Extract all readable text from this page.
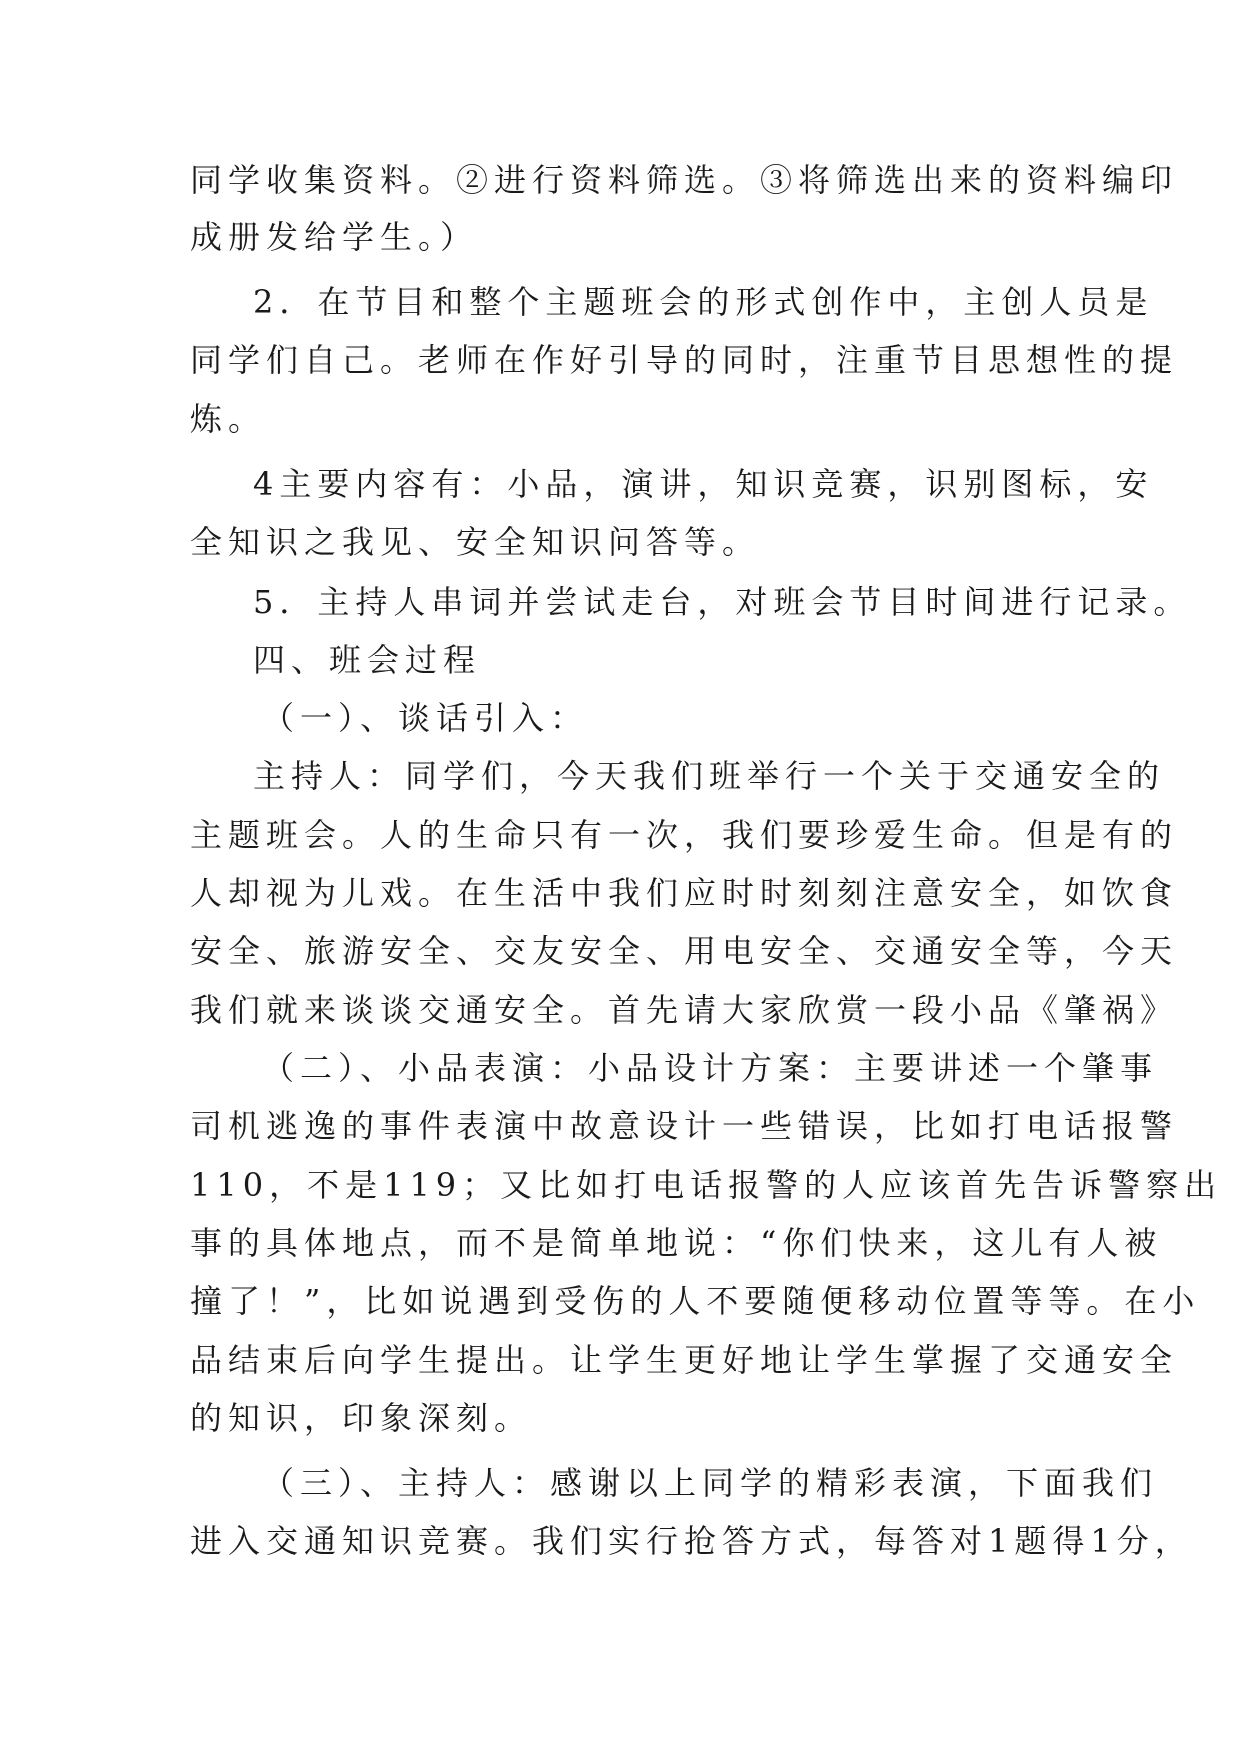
同学收集资料。②进行资料筛选。③将筛选出来的资料编印
成册发给学生。）
2．在节目和整个主题班会的形式创作中，主创人员是
同学们自己。老师在作好引导的同时，注重节目思想性的提
炼。
4主要内容有：小品，演讲，知识竞赛，识别图标，安
全知识之我见、安全知识问答等。
5．主持人串词并尝试走台，对班会节目时间进行记录。
四、班会过程
（一）、谈话引入：
主持人：同学们，今天我们班举行一个关于交通安全的
主题班会。人的生命只有一次，我们要珍爱生命。但是有的
人却视为儿戏。在生活中我们应时时刻刻注意安全，如饮食
安全、旅游安全、交友安全、用电安全、交通安全等，今天
我们就来谈谈交通安全。首先请大家欣赏一段小品《肇祸》
（二）、小品表演：小品设计方案：主要讲述一个肇事
司机逃逸的事件表演中故意设计一些错误，比如打电话报警
110，不是119；又比如打电话报警的人应该首先告诉警察出
事的具体地点，而不是简单地说：“你们快来，这儿有人被
撞了！”，比如说遇到受伤的人不要随便移动位置等等。在小
品结束后向学生提出。让学生更好地让学生掌握了交通安全
的知识，印象深刻。
（三）、主持人：感谢以上同学的精彩表演，下面我们
进入交通知识竞赛。我们实行抢答方式，每答对1题得1分，
